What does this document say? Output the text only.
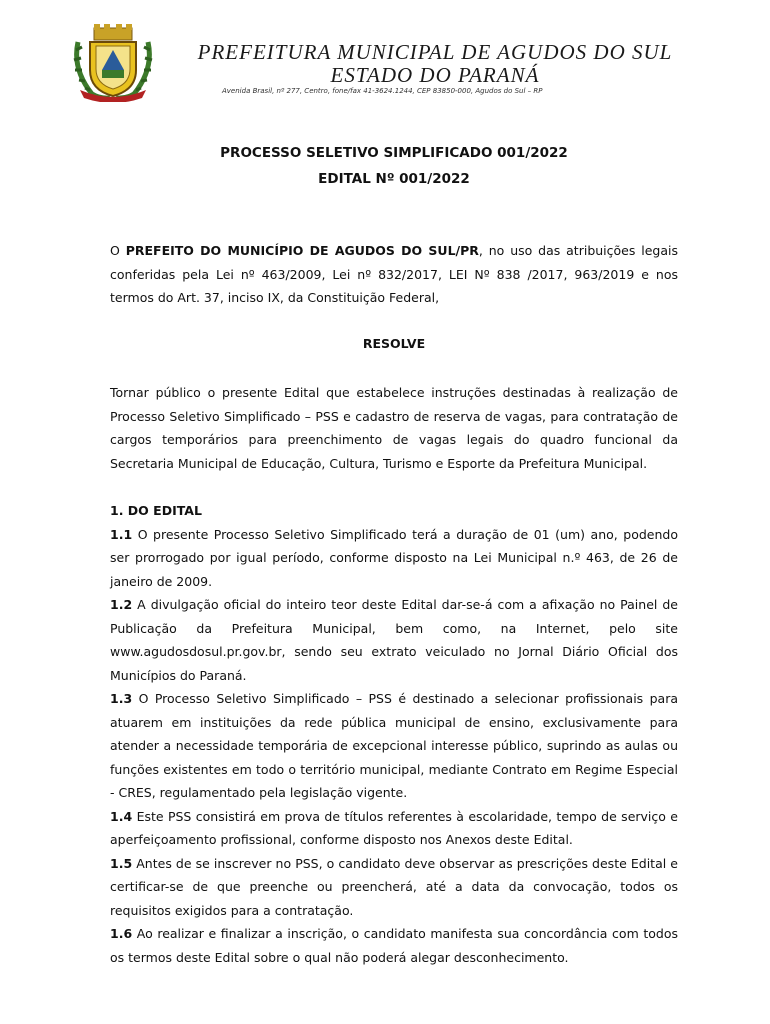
PREFEITURA MUNICIPAL DE AGUDOS DO SUL
ESTADO DO PARANÁ
Avenida Brasil, nº 277, Centro, fone/fax 41-3624.1244, CEP 83850-000, Agudos do Sul – RP
PROCESSO SELETIVO SIMPLIFICADO 001/2022
EDITAL Nº 001/2022

O PREFEITO DO MUNICÍPIO DE AGUDOS DO SUL/PR, no uso das atribuições legais conferidas pela Lei nº 463/2009, Lei nº 832/2017, LEI Nº 838 /2017, 963/2019 e nos termos do Art. 37, inciso IX, da Constituição Federal,

RESOLVE

Tornar público o presente Edital que estabelece instruções destinadas à realização de Processo Seletivo Simplificado – PSS e cadastro de reserva de vagas, para contratação de cargos temporários para preenchimento de vagas legais do quadro funcional da Secretaria Municipal de Educação, Cultura, Turismo e Esporte da Prefeitura Municipal.

1. DO EDITAL

1.1 O presente Processo Seletivo Simplificado terá a duração de 01 (um) ano, podendo ser prorrogado por igual período, conforme disposto na Lei Municipal n.º 463, de 26 de janeiro de 2009.

1.2 A divulgação oficial do inteiro teor deste Edital dar-se-á com a afixação no Painel de Publicação da Prefeitura Municipal, bem como, na Internet, pelo site www.agudosdosul.pr.gov.br, sendo seu extrato veiculado no Jornal Diário Oficial dos Municípios do Paraná.

1.3 O Processo Seletivo Simplificado – PSS é destinado a selecionar profissionais para atuarem em instituições da rede pública municipal de ensino, exclusivamente para atender a necessidade temporária de excepcional interesse público, suprindo as aulas ou funções existentes em todo o território municipal, mediante Contrato em Regime Especial - CRES, regulamentado pela legislação vigente.

1.4 Este PSS consistirá em prova de títulos referentes à escolaridade, tempo de serviço e aperfeiçoamento profissional, conforme disposto nos Anexos deste Edital.

1.5 Antes de se inscrever no PSS, o candidato deve observar as prescrições deste Edital e certificar-se de que preenche ou preencherá, até a data da convocação, todos os requisitos exigidos para a contratação.

1.6 Ao realizar e finalizar a inscrição, o candidato manifesta sua concordância com todos os termos deste Edital sobre o qual não poderá alegar desconhecimento.
